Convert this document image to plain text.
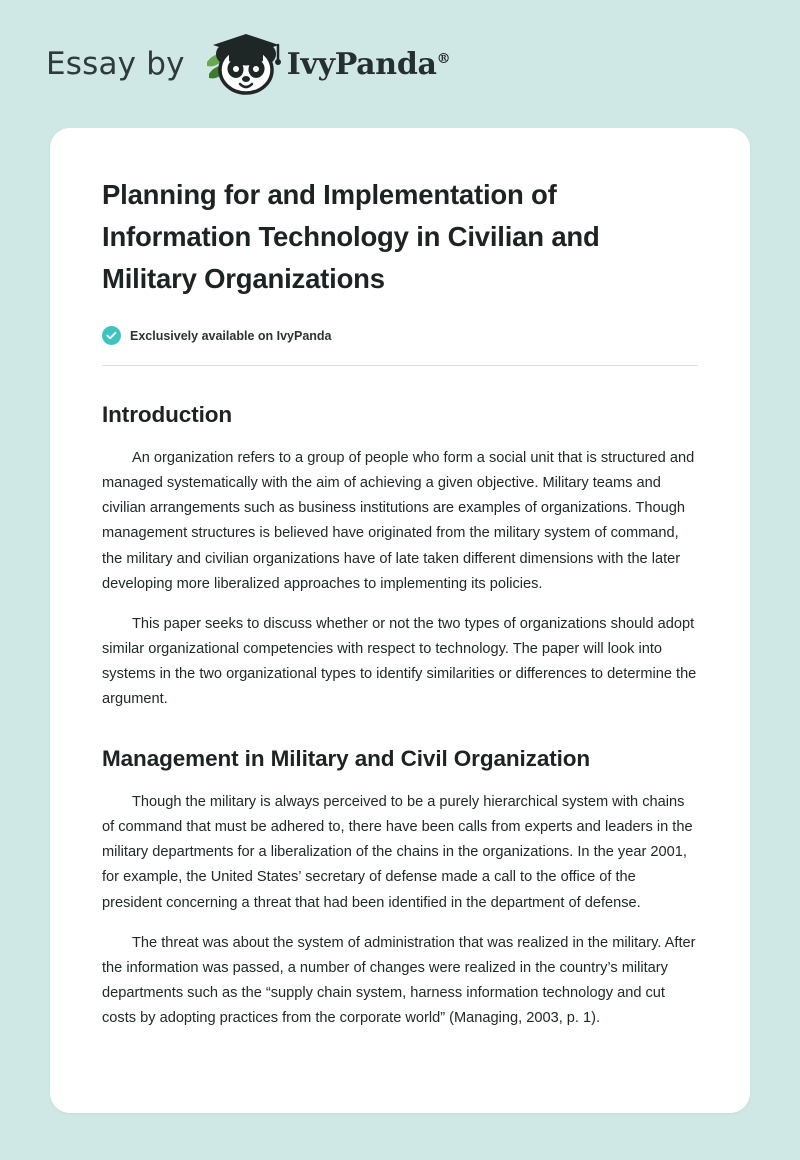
Essay by	IvyPanda®
Planning for and Implementation of Information Technology in Civilian and Military Organizations
Exclusively available on IvyPanda
Introduction

An organization refers to a group of people who form a social unit that is structured and managed systematically with the aim of achieving a given objective. Military teams and civilian arrangements such as business institutions are examples of organizations. Though management structures is believed have originated from the military system of command, the military and civilian organizations have of late taken different dimensions with the later developing more liberalized approaches to implementing its policies.

This paper seeks to discuss whether or not the two types of organizations should adopt similar organizational competencies with respect to technology. The paper will look into systems in the two organizational types to identify similarities or differences to determine the argument.

Management in Military and Civil Organization

Though the military is always perceived to be a purely hierarchical system with chains of command that must be adhered to, there have been calls from experts and leaders in the military departments for a liberalization of the chains in the organizations. In the year 2001, for example, the United States’ secretary of defense made a call to the office of the president concerning a threat that had been identified in the department of defense.

The threat was about the system of administration that was realized in the military. After the information was passed, a number of changes were realized in the country’s military departments such as the “supply chain system, harness information technology and cut costs by adopting practices from the corporate world” (Managing, 2003, p. 1).
